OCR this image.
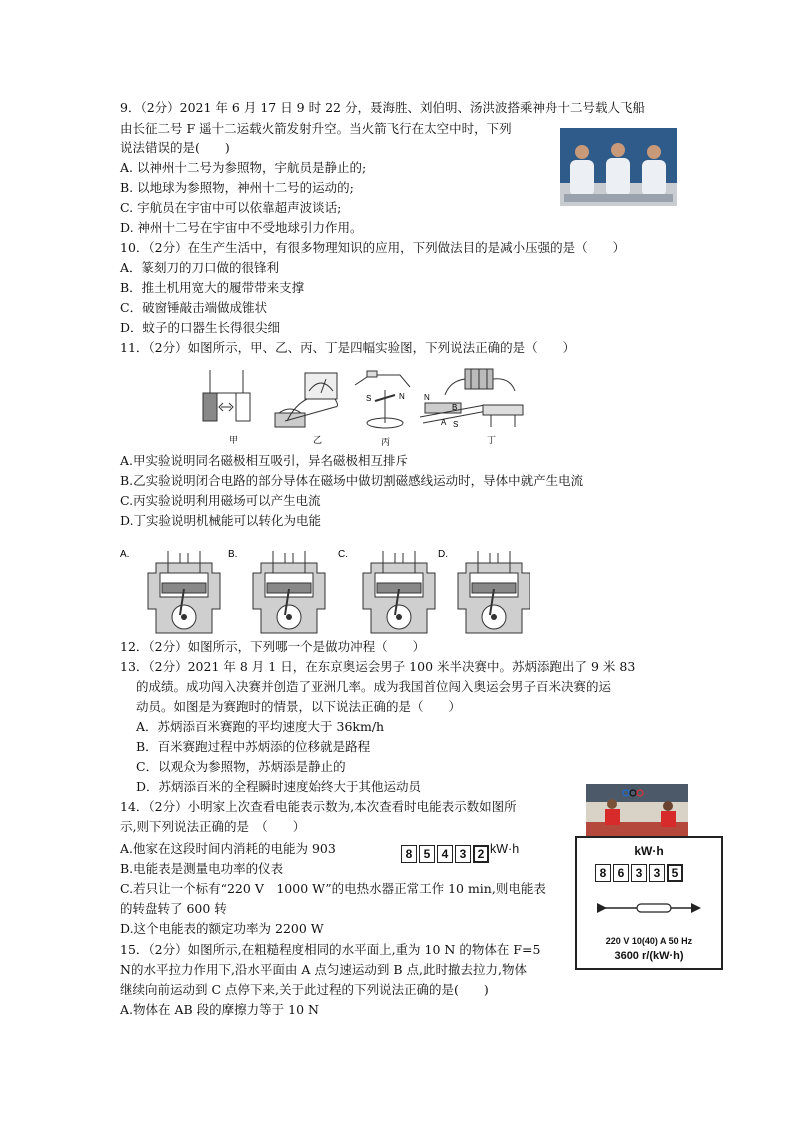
9．（2分）2021 年 6 月 17 日 9 时 22 分，聂海胜、刘伯明、汤洪波搭乘神舟十二号载人飞船
由长征二号 F 遥十二运载火箭发射升空。当火箭飞行在太空中时，下列
说法错误的是(　　)
A. 以神州十二号为参照物，宇航员是静止的;
B. 以地球为参照物，神州十二号的运动的;
C. 宇航员在宇宙中可以依靠超声波谈话;
D. 神州十二号在宇宙中不受地球引力作用。
10．（2分）在生产生活中，有很多物理知识的应用，下列做法目的是减小压强的是（　　）
A．篆刻刀的刀口做的很锋利
B．推土机用宽大的履带带来支撑
C．破窗锤敲击端做成锥状
D．蚊子的口器生长得很尖细
11．（2分）如图所示，甲、乙、丙、丁是四幅实验图，下列说法正确的是（　　）
甲	乙
S	N
丙
N
B
A S
丁
A.甲实验说明同名磁极相互吸引，异名磁极相互排斥
B.乙实验说明闭合电路的部分导体在磁场中做切割磁感线运动时，导体中就产生电流
C.丙实验说明利用磁场可以产生电流
D.丁实验说明机械能可以转化为电能
A.	B.	C.	D.
12．（2分）如图所示，下列哪一个是做功冲程（　　）
13．（2分）2021 年 8 月 1 日，在东京奥运会男子 100 米半决赛中。苏炳添跑出了 9 米 83
的成绩。成功闯入决赛并创造了亚洲几率。成为我国首位闯入奥运会男子百米决赛的运
动员。如图是为赛跑时的情景，以下说法正确的是（　　）
A．苏炳添百米赛跑的平均速度大于 36km/h
B．百米赛跑过程中苏炳添的位移就是路程
C．以观众为参照物，苏炳添是静止的
D．苏炳添百米的全程瞬时速度始终大于其他运动员
14．（2分）小明家上次查看电能表示数为,本次查看时电能表示数如图所
示,则下列说法正确的是　（　　）
A.他家在这段时间内消耗的电能为 903	8 5 4 3 2 kW·h
B.电能表是测量电功率的仪表
C.若只让一个标有“220 V　1000 W”的电热水器正常工作 10 min,则电能表
的转盘转了 600 转
D.这个电能表的额定功率为 2200 W
kW·h
8 6 3 3 5
220 V 10(40) A 50 Hz
3600 r/(kW·h)
15．（2分）如图所示,在粗糙程度相同的水平面上,重为 10 N 的物体在 F=5
N的水平拉力作用下,沿水平面由 A 点匀速运动到 B 点,此时撤去拉力,物体
继续向前运动到 C 点停下来,关于此过程的下列说法正确的是(　　)
A.物体在 AB 段的摩擦力等于 10 N
